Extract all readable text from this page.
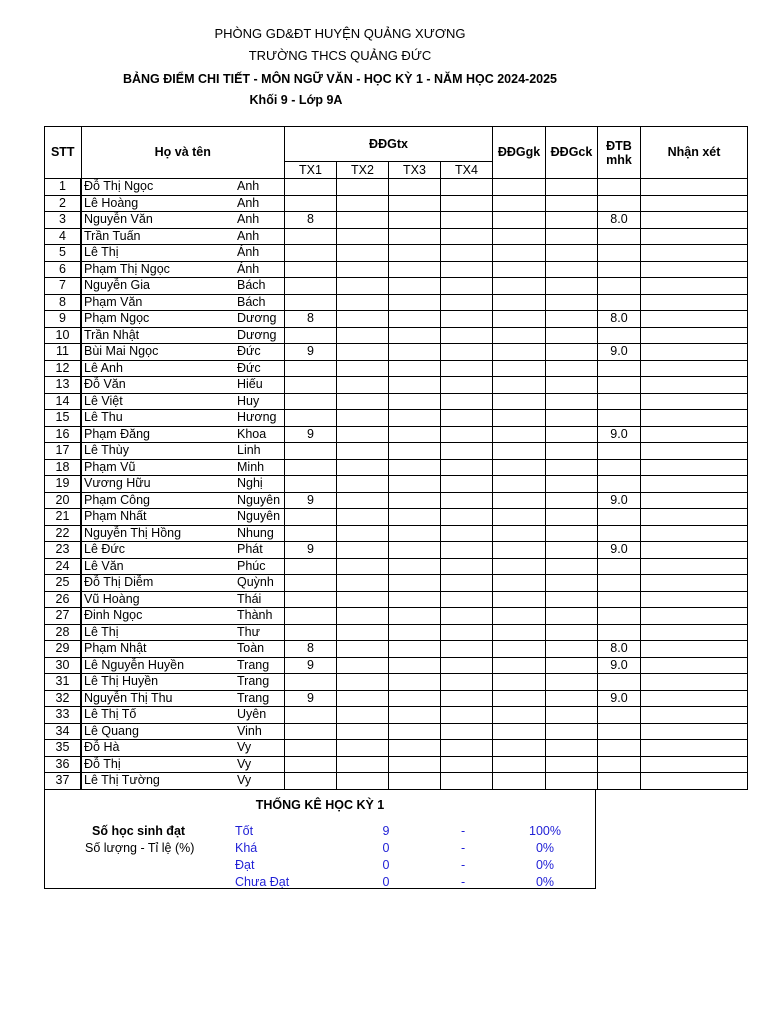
PHÒNG GD&ĐT HUYỆN QUẢNG XƯƠNG
TRƯỜNG THCS QUẢNG ĐỨC
BẢNG ĐIỂM CHI TIẾT - MÔN NGỮ VĂN - HỌC KỲ 1 - NĂM HỌC 2024-2025
Khối 9 - Lớp 9A
STT	Họ và tên		ĐĐGtx				ĐĐGgk	ĐĐGck	ĐTB mhk	Nhận xét
			TX1	TX2	TX3	TX4				
1	Đỗ Thị Ngọc	Anh								
2	Lê Hoàng	Anh								
3	Nguyễn Văn	Anh	8						8.0	
4	Trần Tuấn	Anh								
5	Lê Thị	Ánh								
6	Phạm Thị Ngọc	Ánh								
7	Nguyễn Gia	Bách								
8	Phạm Văn	Bách								
9	Phạm Ngọc	Dương	8						8.0	
10	Trần Nhật	Dương								
11	Bùi Mai Ngọc	Đức	9						9.0	
12	Lê Anh	Đức								
13	Đỗ Văn	Hiếu								
14	Lê Việt	Huy								
15	Lê Thu	Hương								
16	Phạm Đăng	Khoa	9						9.0	
17	Lê Thùy	Linh								
18	Phạm Vũ	Minh								
19	Vương Hữu	Nghị								
20	Phạm Công	Nguyên	9						9.0	
21	Phạm Nhất	Nguyên								
22	Nguyễn Thị Hồng	Nhung								
23	Lê Đức	Phát	9						9.0	
24	Lê Văn	Phúc								
25	Đỗ Thị Diễm	Quỳnh								
26	Vũ Hoàng	Thái								
27	Đinh Ngọc	Thành								
28	Lê Thị	Thư								
29	Phạm Nhật	Toàn	8						8.0	
30	Lê Nguyễn Huyền	Trang	9						9.0	
31	Lê Thị Huyền	Trang								
32	Nguyễn Thị Thu	Trang	9						9.0	
33	Lê Thị Tố	Uyên								
34	Lê Quang	Vinh								
35	Đỗ Hà	Vy								
36	Đỗ Thị	Vy								
37	Lê Thị Tường	Vy								
THỐNG KÊ HỌC KỲ 1
Số học sinh đạt
Số lượng - Tỉ lệ (%)
Tốt	9	-	100%
Khá	0	-	0%
Đạt	0	-	0%
Chưa Đạt	0	-	0%
